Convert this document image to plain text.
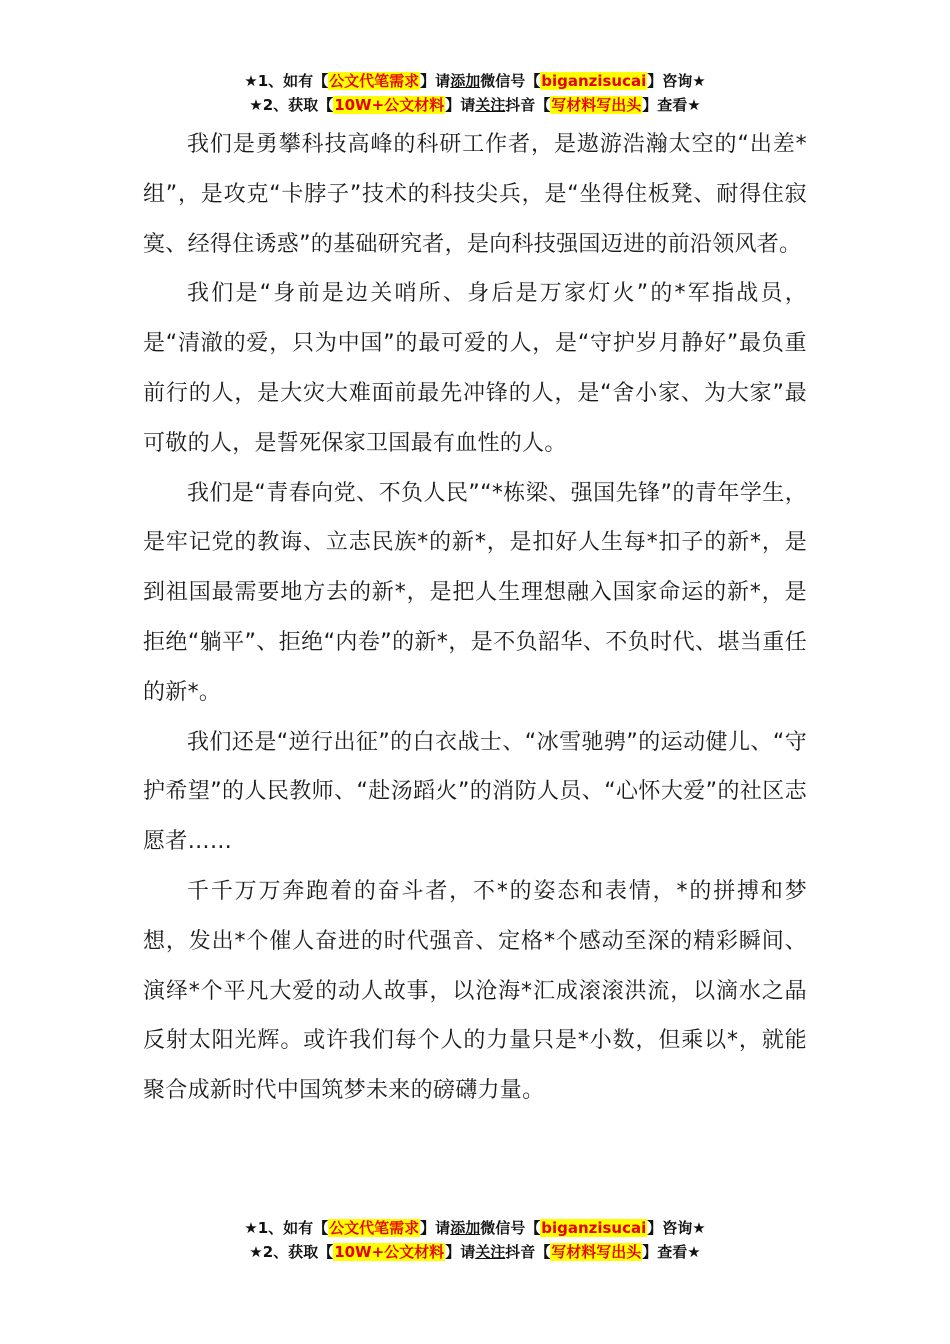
★1、如有【公文代笔需求】请添加微信号【biganzisucai】咨询★
★2、获取【10W+公文材料】请关注抖音【写材料写出头】查看★

我们是勇攀科技高峰的科研工作者，是遨游浩瀚太空的“出差*组”，是攻克“卡脖子”技术的科技尖兵，是“坐得住板凳、耐得住寂寞、经得住诱惑”的基础研究者，是向科技强国迈进的前沿领风者。

我们是“身前是边关哨所、身后是万家灯火”的*军指战员，是“清澈的爱，只为中国”的最可爱的人，是“守护岁月静好”最负重前行的人，是大灾大难面前最先冲锋的人，是“舍小家、为大家”最可敬的人，是誓死保家卫国最有血性的人。

我们是“青春向党、不负人民”“*栋梁、强国先锋”的青年学生，是牢记党的教诲、立志民族*的新*，是扣好人生每*扣子的新*，是到祖国最需要地方去的新*，是把人生理想融入国家命运的新*，是拒绝“躺平”、拒绝“内卷”的新*，是不负韶华、不负时代、堪当重任的新*。

我们还是“逆行出征”的白衣战士、“冰雪驰骋”的运动健儿、“守护希望”的人民教师、“赴汤蹈火”的消防人员、“心怀大爱”的社区志愿者……

千千万万奔跑着的奋斗者，不*的姿态和表情，*的拼搏和梦想，发出*个催人奋进的时代强音、定格*个感动至深的精彩瞬间、演绎*个平凡大爱的动人故事，以沧海*汇成滚滚洪流，以滴水之晶反射太阳光辉。或许我们每个人的力量只是*小数，但乘以*，就能聚合成新时代中国筑梦未来的磅礴力量。

★1、如有【公文代笔需求】请添加微信号【biganzisucai】咨询★
★2、获取【10W+公文材料】请关注抖音【写材料写出头】查看★
